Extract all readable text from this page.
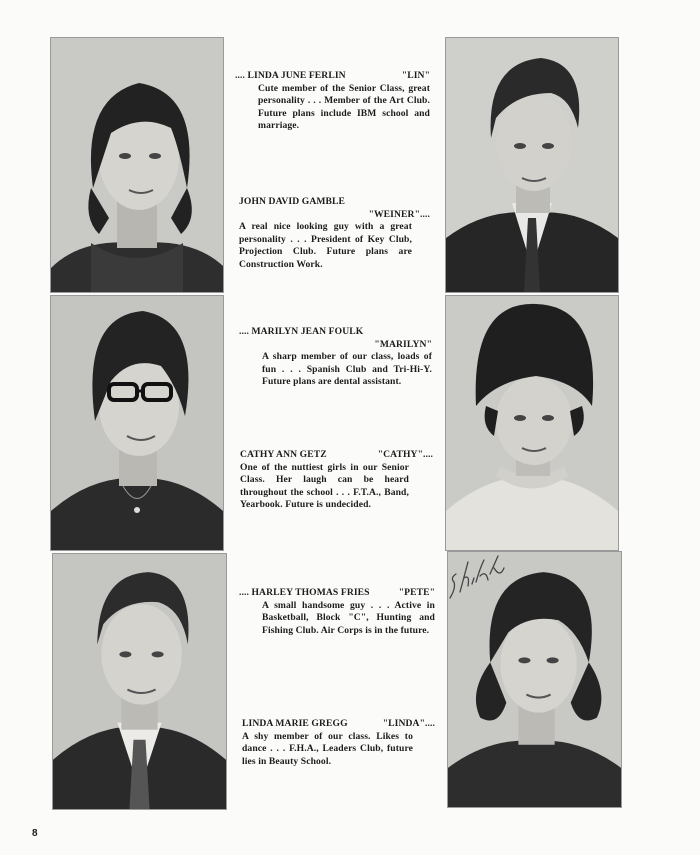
.... LINDA JUNE FERLIN	"LIN"
Cute member of the Senior Class, great personality . . . Member of the Art Club. Future plans include IBM school and marriage.
JOHN DAVID GAMBLE
"WEINER"....
A real nice looking guy with a great personality . . . President of Key Club, Projection Club. Future plans are Construction Work.
.... MARILYN JEAN FOULK
"MARILYN"
A sharp member of our class, loads of fun . . . Spanish Club and Tri-Hi-Y. Future plans are dental assistant.
CATHY ANN GETZ	"CATHY"....
One of the nuttiest girls in our Senior Class. Her laugh can be heard throughout the school . . . F.T.A., Band, Yearbook. Future is undecided.
.... HARLEY THOMAS FRIES	"PETE"
A small handsome guy . . . Active in Basketball, Block "C", Hunting and Fishing Club. Air Corps is in the future.
LINDA MARIE GREGG	"LINDA"....
A shy member of our class. Likes to dance . . . F.H.A., Leaders Club, future lies in Beauty School.
8
